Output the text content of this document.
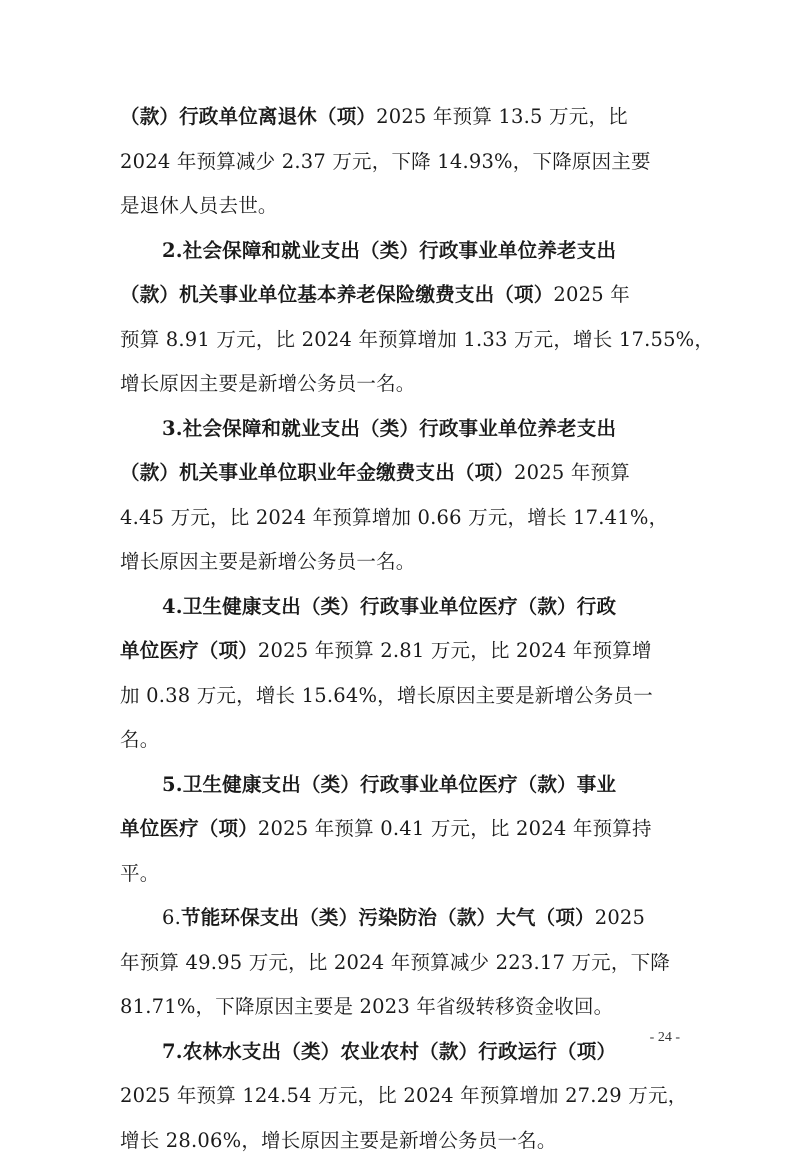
（款）行政单位离退休（项）2025 年预算 13.5 万元，比
2024 年预算减少 2.37 万元，下降 14.93%，下降原因主要
是退休人员去世。
2.社会保障和就业支出（类）行政事业单位养老支出
（款）机关事业单位基本养老保险缴费支出（项）2025 年
预算 8.91 万元，比 2024 年预算增加 1.33 万元，增长 17.55%，
增长原因主要是新增公务员一名。
3.社会保障和就业支出（类）行政事业单位养老支出
（款）机关事业单位职业年金缴费支出（项）2025 年预算
4.45 万元，比 2024 年预算增加 0.66 万元，增长 17.41%，
增长原因主要是新增公务员一名。
4.卫生健康支出（类）行政事业单位医疗（款）行政
单位医疗（项）2025 年预算 2.81 万元，比 2024 年预算增
加 0.38 万元，增长 15.64%，增长原因主要是新增公务员一
名。
5.卫生健康支出（类）行政事业单位医疗（款）事业
单位医疗（项）2025 年预算 0.41 万元，比 2024 年预算持
平。
6.节能环保支出（类）污染防治（款）大气（项）2025
年预算 49.95 万元，比 2024 年预算减少 223.17 万元，下降
81.71%，下降原因主要是 2023 年省级转移资金收回。
7.农林水支出（类）农业农村（款）行政运行（项）
2025 年预算 124.54 万元，比 2024 年预算增加 27.29 万元，
增长 28.06%，增长原因主要是新增公务员一名。
- 24 -
